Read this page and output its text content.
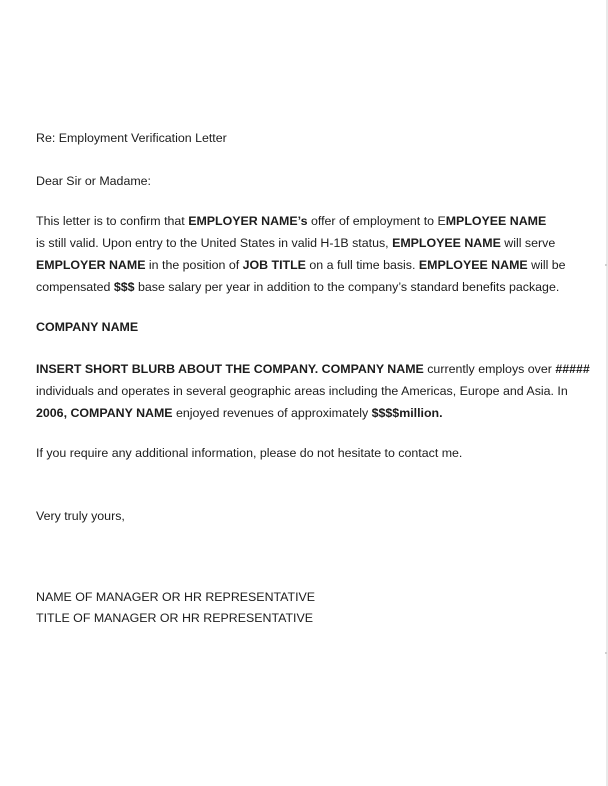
Re: Employment Verification Letter
Dear Sir or Madame:
This letter is to confirm that EMPLOYER NAME’s offer of employment to EMPLOYEE NAME
is still valid. Upon entry to the United States in valid H-1B status, EMPLOYEE NAME will serve
EMPLOYER NAME in the position of JOB TITLE on a full time basis. EMPLOYEE NAME will be
compensated $$$ base salary per year in addition to the company’s standard benefits package.
COMPANY NAME
INSERT SHORT BLURB ABOUT THE COMPANY. COMPANY NAME currently employs over #####
individuals and operates in several geographic areas including the Americas, Europe and Asia. In
2006, COMPANY NAME enjoyed revenues of approximately $$$$million.
If you require any additional information, please do not hesitate to contact me.
Very truly yours,
NAME OF MANAGER OR HR REPRESENTATIVE
TITLE OF MANAGER OR HR REPRESENTATIVE
